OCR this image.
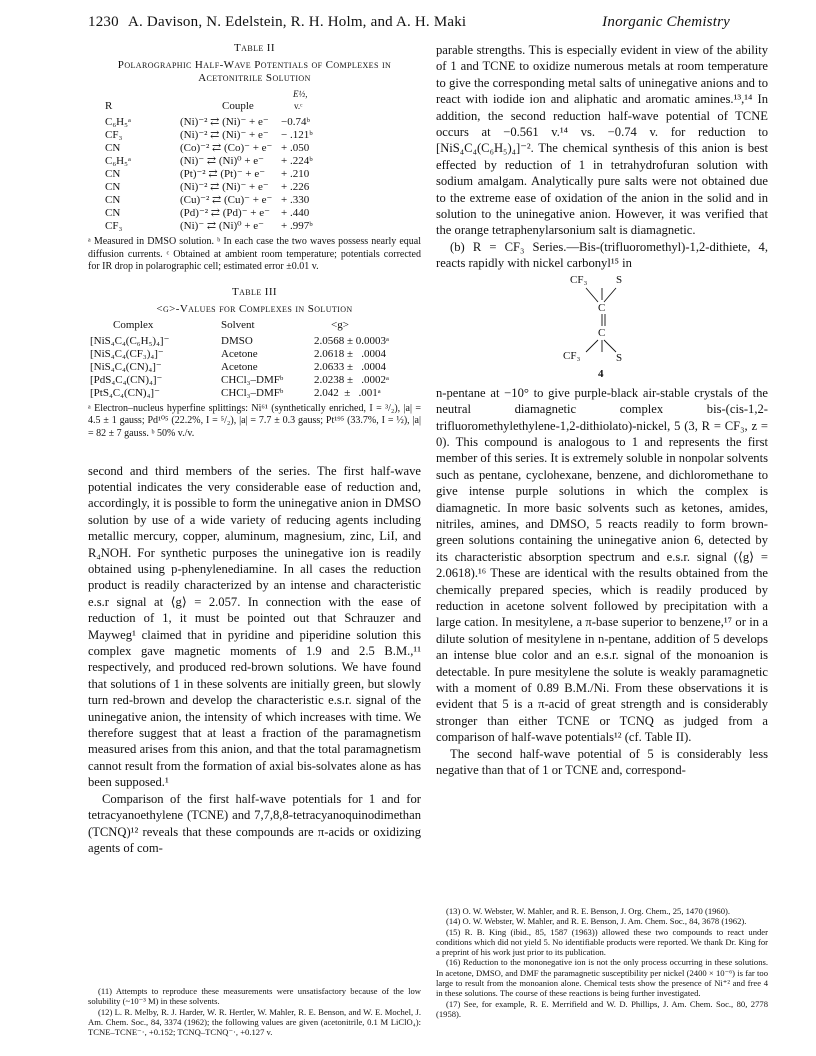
1230 A. Davison, N. Edelstein, R. H. Holm, and A. H. Maki	Inorganic Chemistry
Table II
Polarographic Half-Wave Potentials of Complexes in Acetonitrile Solution
E½,
R	Couple	v.ᶜ
C₆H₅ᵃ	(Ni)⁻² ⇄ (Ni)⁻ + e⁻ −0.74ᵇ
CF₃	(Ni)⁻² ⇄ (Ni)⁻ + e⁻ − .121ᵇ
CN	(Co)⁻² ⇄ (Co)⁻ + e⁻ + .050
C₆H₅ᵃ	(Ni)⁻ ⇄ (Ni)⁰ + e⁻ + .224ᵇ
CN	(Pt)⁻² ⇄ (Pt)⁻ + e⁻ + .210
CN	(Ni)⁻² ⇄ (Ni)⁻ + e⁻ + .226
CN	(Cu)⁻² ⇄ (Cu)⁻ + e⁻ + .330
CN	(Pd)⁻² ⇄ (Pd)⁻ + e⁻ + .440
CF₃	(Ni)⁻ ⇄ (Ni)⁰ + e⁻ + .997ᵇ
ᵃ Measured in DMSO solution. ᵇ In each case the two waves possess nearly equal diffusion currents. ᶜ Obtained at ambient room temperature; potentials corrected for IR drop in polarographic cell; estimated error ±0.01 v.
Table III
<g>-Values for Complexes in Solution
Complex	Solvent	<g>
[NiS₄C₄(C₆H₅)₄]⁻	DMSO	2.0568 ± 0.0003ᵃ
[NiS₄C₄(CF₃)₄]⁻	Acetone	2.0618 ±   .0004
[NiS₄C₄(CN)₄]⁻	Acetone	2.0633 ±   .0004
[PdS₄C₄(CN)₄]⁻	CHCl₃–DMFᵇ	2.0238 ±   .0002ᵃ
[PtS₄C₄(CN)₄]⁻	CHCl₃–DMFᵇ	2.042  ±   .001ᵃ
ᵃ Electron–nucleus hyperfine splittings: Ni⁶¹ (synthetically enriched, I = ³/₂), |a| = 4.5 ± 1 gauss; Pd¹⁰⁵ (22.2%, I = ⁵/₂), |a| = 7.7 ± 0.3 gauss; Pt¹⁹⁵ (33.7%, I = ½), |a| = 82 ± 7 gauss. ᵇ 50% v./v.

second and third members of the series. The first half-wave potential indicates the very considerable ease of reduction and, accordingly, it is possible to form the uninegative anion in DMSO solution by use of a wide variety of reducing agents including metallic mercury, copper, aluminum, magnesium, zinc, LiI, and R₄NOH. For synthetic purposes the uninegative ion is readily obtained using p-phenylenediamine. In all cases the reduction product is readily characterized by an intense and characteristic e.s.r signal at ⟨g⟩ = 2.057. In connection with the ease of reduction of 1, it must be pointed out that Schrauzer and Mayweg¹ claimed that in pyridine and piperidine solution this complex gave magnetic moments of 1.9 and 2.5 B.M.,¹¹ respectively, and produced red-brown solutions. We have found that solutions of 1 in these solvents are initially green, but slowly turn red-brown and develop the characteristic e.s.r. signal of the uninegative anion, the intensity of which increases with time. We therefore suggest that at least a fraction of the paramagnetism measured arises from this anion, and that the total paramagnetism cannot result from the formation of axial bis-solvates alone as has been supposed.¹

Comparison of the first half-wave potentials for 1 and for tetracyanoethylene (TCNE) and 7,7,8,8-tetracyanoquinodimethan (TCNQ)¹² reveals that these compounds are π-acids or oxidizing agents of com-

(11) Attempts to reproduce these measurements were unsatisfactory because of the low solubility (~10⁻³ M) in these solvents.

(12) L. R. Melby, R. J. Harder, W. R. Hertler, W. Mahler, R. E. Benson, and W. E. Mochel, J. Am. Chem. Soc., 84, 3374 (1962); the following values are given (acetonitrile, 0.1 M LiClO₄): TCNE–TCNE⁻·, +0.152; TCNQ–TCNQ⁻·, +0.127 v.

parable strengths. This is especially evident in view of the ability of 1 and TCNE to oxidize numerous metals at room temperature to give the corresponding metal salts of uninegative anions and to react with iodide ion and aliphatic and aromatic amines.¹³,¹⁴ In addition, the second reduction half-wave potential of TCNE occurs at −0.561 v.¹⁴ vs. −0.74 v. for reduction to [NiS₄C₄(C₆H₅)₄]⁻². The chemical synthesis of this anion is best effected by reduction of 1 in tetrahydrofuran solution with sodium amalgam. Analytically pure salts were not obtained due to the extreme ease of oxidation of the anion in the solid and in solution to the uninegative anion. However, it was verified that the orange tetraphenylarsonium salt is diamagnetic.

(b) R = CF₃ Series.—Bis-(trifluoromethyl)-1,2-dithiete, 4, reacts rapidly with nickel carbonyl¹⁵ in

CF₃	S
C
C
CF₃	S
4

n-pentane at −10° to give purple-black air-stable crystals of the neutral diamagnetic complex bis-(cis-1,2-trifluoromethylethylene-1,2-dithiolato)-nickel, 5 (3, R = CF₃, z = 0). This compound is analogous to 1 and represents the first member of this series. It is extremely soluble in nonpolar solvents such as pentane, cyclohexane, benzene, and dichloromethane to give intense purple solutions in which the complex is diamagnetic. In more basic solvents such as ketones, amides, nitriles, amines, and DMSO, 5 reacts readily to form brown-green solutions containing the uninegative anion 6, detected by its characteristic absorption spectrum and e.s.r. signal (⟨g⟩ = 2.0618).¹⁶ These are identical with the results obtained from the chemically prepared species, which is readily produced by reduction in acetone solvent followed by precipitation with a large cation. In mesitylene, a π-base superior to benzene,¹⁷ or in a dilute solution of mesitylene in n-pentane, addition of 5 develops an intense blue color and an e.s.r. signal of the monoanion is detectable. In pure mesitylene the solute is weakly paramagnetic with a moment of 0.89 B.M./Ni. From these observations it is evident that 5 is a π-acid of great strength and is considerably stronger than either TCNE or TCNQ as judged from a comparison of half-wave potentials¹² (cf. Table II).

The second half-wave potential of 5 is considerably less negative than that of 1 or TCNE and, correspond-

(13) O. W. Webster, W. Mahler, and R. E. Benson, J. Org. Chem., 25, 1470 (1960).

(14) O. W. Webster, W. Mahler, and R. E. Benson, J. Am. Chem. Soc., 84, 3678 (1962).

(15) R. B. King (ibid., 85, 1587 (1963)) allowed these two compounds to react under conditions which did not yield 5. No identifiable products were reported. We thank Dr. King for a preprint of his work just prior to its publication.

(16) Reduction to the mononegative ion is not the only process occurring in these solutions. In acetone, DMSO, and DMF the paramagnetic susceptibility per nickel (2400 × 10⁻⁶) is far too large to result from the monoanion alone. Chemical tests show the presence of Ni⁺² and free 4 in these solutions. The course of these reactions is being further investigated.

(17) See, for example, R. E. Merrifield and W. D. Phillips, J. Am. Chem. Soc., 80, 2778 (1958).
